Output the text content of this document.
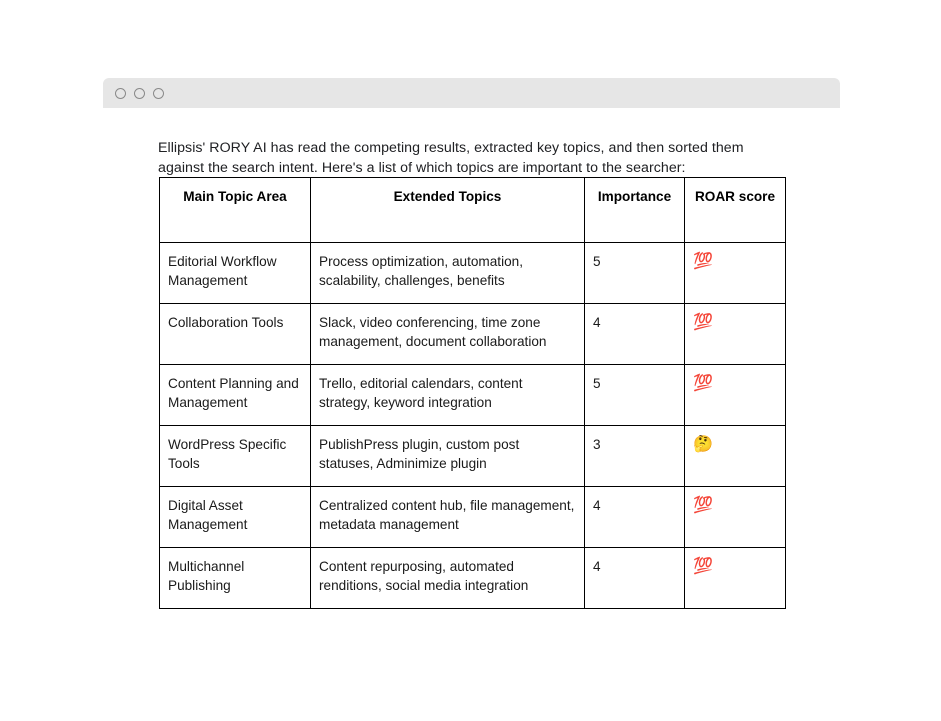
Ellipsis' RORY AI has read the competing results, extracted key topics, and then sorted them against the search intent. Here's a list of which topics are important to the searcher:

Main Topic Area	Extended Topics	Importance	ROAR score
Editorial Workflow Management	Process optimization, automation, scalability, challenges, benefits	5	💯
Collaboration Tools	Slack, video conferencing, time zone management, document collaboration	4	💯
Content Planning and Management	Trello, editorial calendars, content strategy, keyword integration	5	💯
WordPress Specific Tools	PublishPress plugin, custom post statuses, Adminimize plugin	3	🤔
Digital Asset Management	Centralized content hub, file management, metadata management	4	💯
Multichannel Publishing	Content repurposing, automated renditions, social media integration	4	💯
